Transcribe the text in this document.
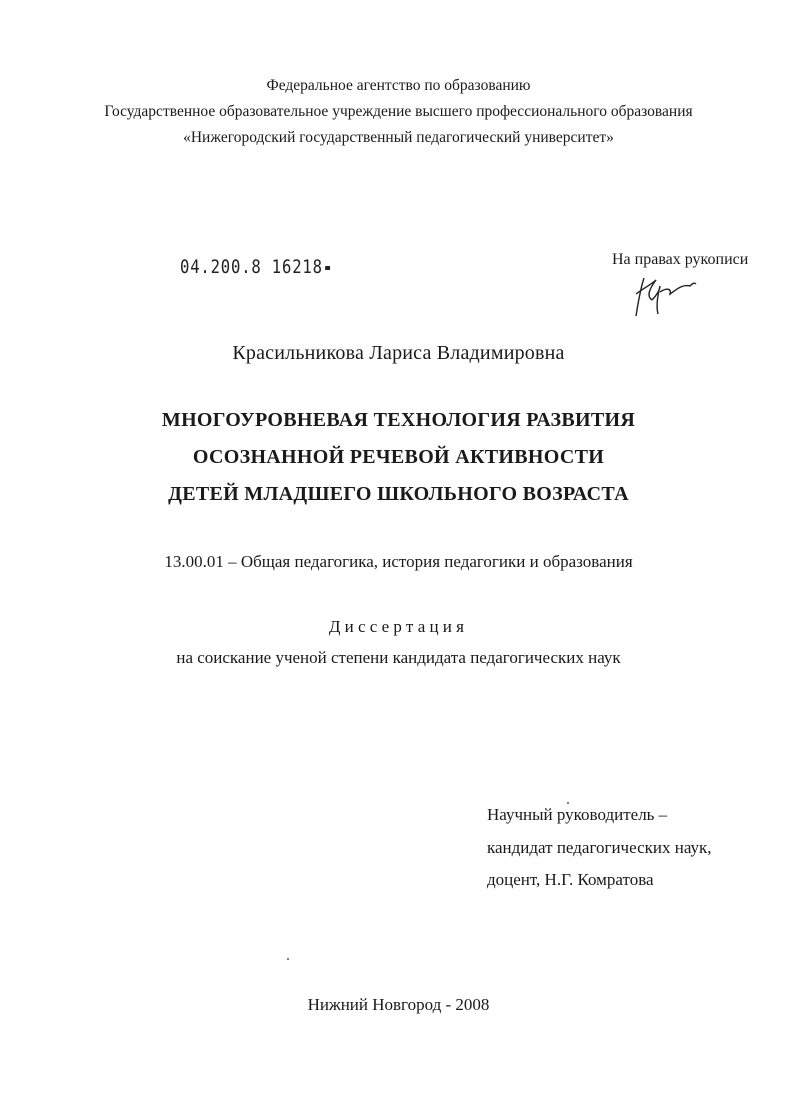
Федеральное агентство по образованию
Государственное образовательное учреждение высшего профессионального образования
«Нижегородский государственный педагогический университет»
04.200.8 16218	На правах рукописи
Красильникова Лариса Владимировна
МНОГОУРОВНЕВАЯ ТЕХНОЛОГИЯ РАЗВИТИЯ
ОСОЗНАННОЙ РЕЧЕВОЙ АКТИВНОСТИ
ДЕТЕЙ МЛАДШЕГО ШКОЛЬНОГО ВОЗРАСТА
13.00.01 – Общая педагогика, история педагогики и образования
Диссертация
на соискание ученой степени кандидата педагогических наук
Научный руководитель –
кандидат педагогических наук,
доцент, Н.Г. Комратова
Нижний Новгород - 2008
